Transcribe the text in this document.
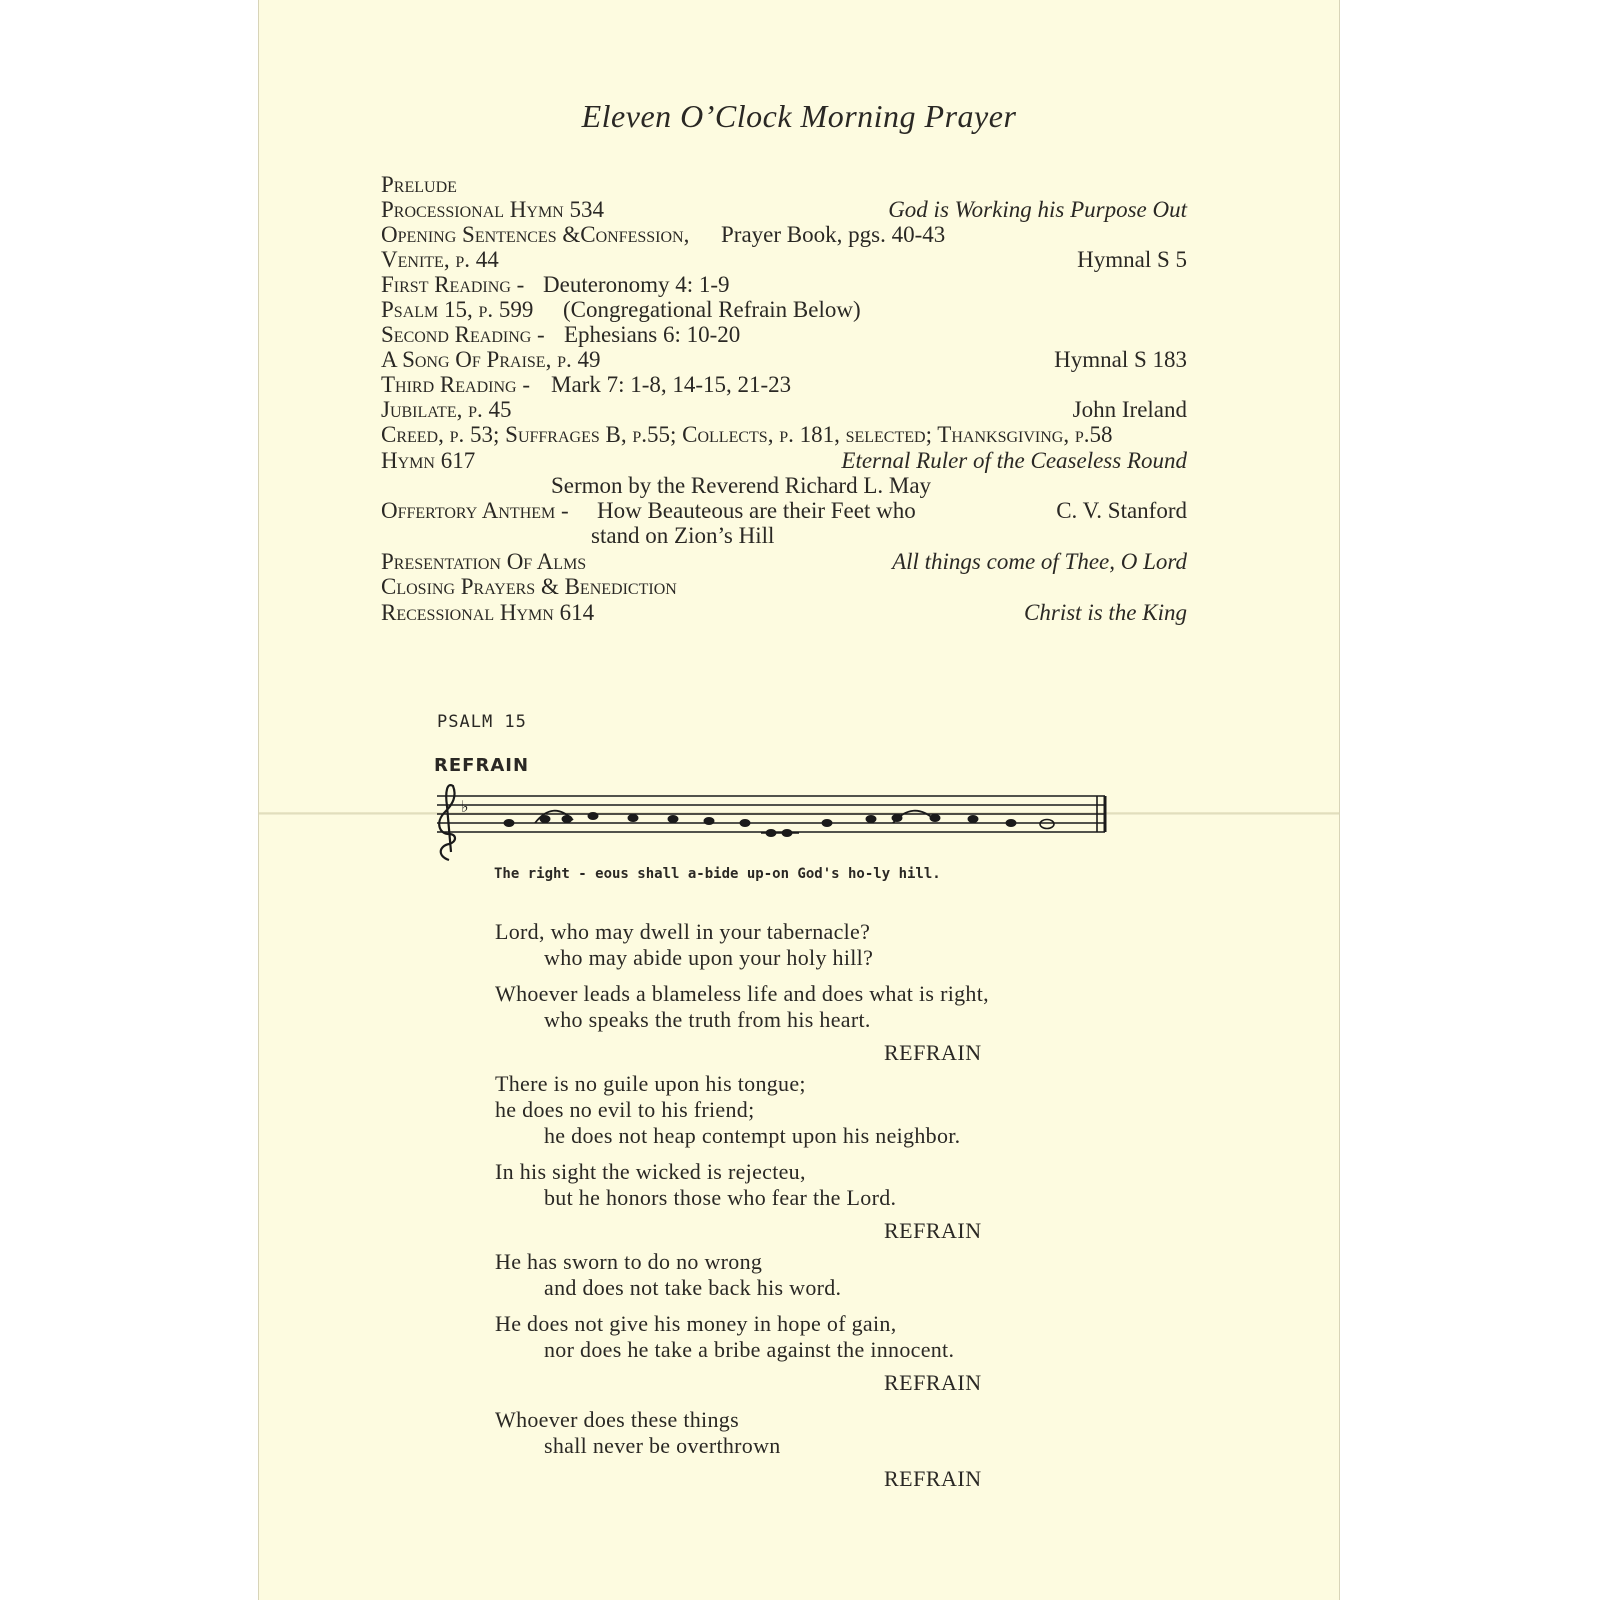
Eleven O’Clock Morning Prayer
Prelude
Processional Hymn 534	God is Working his Purpose Out
Opening Sentences &Confession, Prayer Book, pgs. 40-43
Venite, p. 44	Hymnal S 5
First Reading - Deuteronomy 4: 1-9
Psalm 15, p. 599 (Congregational Refrain Below)
Second Reading - Ephesians 6: 10-20
A Song Of Praise, p. 49	Hymnal S 183
Third Reading - Mark 7: 1-8, 14-15, 21-23
Jubilate, p. 45	John Ireland
Creed, p. 53; Suffrages B, p.55; Collects, p. 181, selected; Thanksgiving, p.58
Hymn 617	Eternal Ruler of the Ceaseless Round
Sermon by the Reverend Richard L. May
Offertory Anthem - How Beauteous are their Feet who	C. V. Stanford
stand on Zion’s Hill
Presentation Of Alms	All things come of Thee, O Lord
Closing Prayers & Benediction
Recessional Hymn 614	Christ is the King
PSALM 15
REFRAIN
♭
The right - eous shall a-bide up-on God's ho-ly hill.
Lord, who may dwell in your tabernacle?
who may abide upon your holy hill?
Whoever leads a blameless life and does what is right,
who speaks the truth from his heart.
REFRAIN
There is no guile upon his tongue;
he does no evil to his friend;
he does not heap contempt upon his neighbor.
In his sight the wicked is rejecteu,
but he honors those who fear the Lord.
REFRAIN
He has sworn to do no wrong
and does not take back his word.
He does not give his money in hope of gain,
nor does he take a bribe against the innocent.
REFRAIN
Whoever does these things
shall never be overthrown
REFRAIN
